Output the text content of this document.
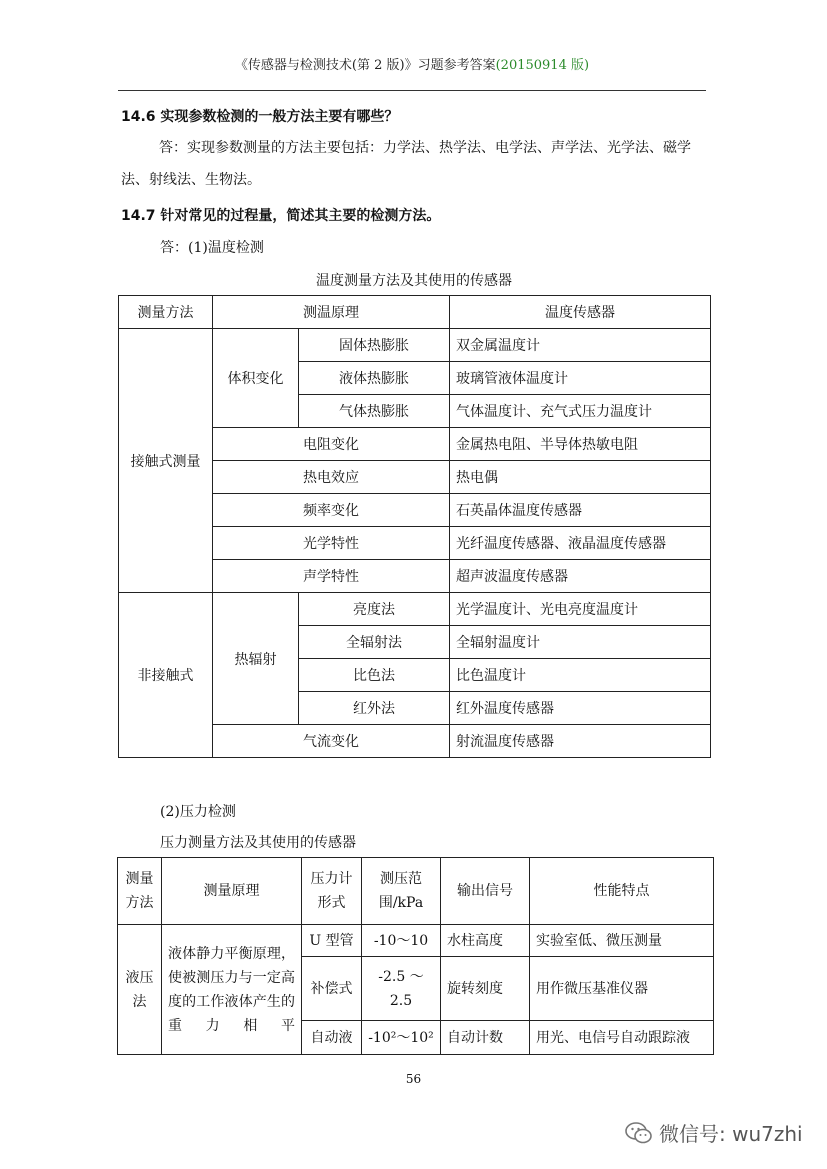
《传感器与检测技术(第 2 版)》习题参考答案(20150914 版)
14.6 实现参数检测的一般方法主要有哪些？
答：实现参数测量的方法主要包括：力学法、热学法、电学法、声学法、光学法、磁学法、射线法、生物法。
14.7 针对常见的过程量，简述其主要的检测方法。
答：(1)温度检测
温度测量方法及其使用的传感器
测量方法	测温原理		温度传感器
接触式测量	体积变化	固体热膨胀	双金属温度计
		液体热膨胀	玻璃管液体温度计
		气体热膨胀	气体温度计、充气式压力温度计
	电阻变化		金属热电阻、半导体热敏电阻
	热电效应		热电偶
	频率变化		石英晶体温度传感器
	光学特性		光纤温度传感器、液晶温度传感器
	声学特性		超声波温度传感器
非接触式	热辐射	亮度法	光学温度计、光电亮度温度计
		全辐射法	全辐射温度计
		比色法	比色温度计
		红外法	红外温度传感器
	气流变化		射流温度传感器
(2)压力检测
压力测量方法及其使用的传感器
测量方法	测量原理	压力计形式	测压范围/kPa	输出信号	性能特点
液压法	液体静力平衡原理，使被测压力与一定高度的工作液体产生的重力相平	U 型管	-10～10	水柱高度	实验室低、微压测量
		补偿式	-2.5 ～ 2.5	旋转刻度	用作微压基准仪器
		自动液	-10²～10²	自动计数	用光、电信号自动跟踪液
56
微信号: wu7zhi
